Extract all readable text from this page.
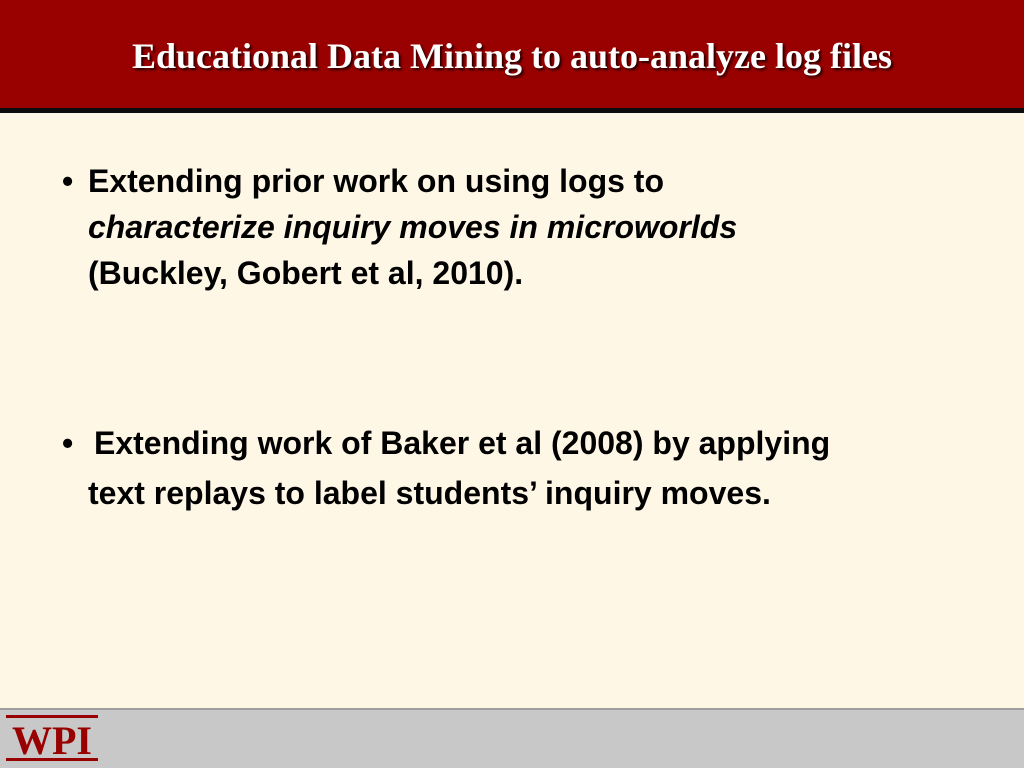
Educational Data Mining to auto-analyze log files
• Extending prior work on using logs to
characterize inquiry moves in microworlds
(Buckley, Gobert et al, 2010).
• Extending work of Baker et al (2008) by applying
text replays to label students’ inquiry moves.
WPI
